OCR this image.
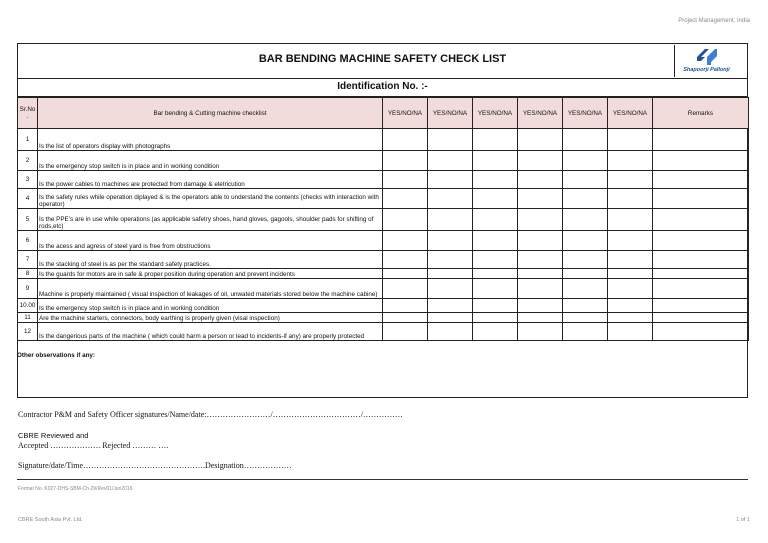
Project Management, India
BAR BENDING MACHINE SAFETY CHECK LIST
Shapoorji Pallonji
Identification No. :-
Sr.No .	Bar bending & Cutting machine checklist	YES/NO/NA	YES/NO/NA	YES/NO/NA	YES/NO/NA	YES/NO/NA	YES/NO/NA	Remarks
1	Is the list of operators display with photographs							
2	Is the emergency stop switch is in place and in working condition							
3	Is the power cables to machines are protected from damage & eletricution							
4	Is the safety rules while operation diplayed & is the operators able to understand the contents (checks with interaction with operator)							
5	Is the PPE's are in use while operations (as applicable safetry shoes, hand gloves, gagools, shoulder pads for shifting of rods,etc)							
6	Is the acess and agress of steel yard is free from obstructions							
7	Is the stacking of steel is as per the standard safety practices.							
8	Is the guards for motors are in safe & proper position during operation and prevent incidents							
9	Machine is properly maintained ( visual inspection of leakages of oil, unwated materials stored below the machine cabine)							
10.00	Is the emergency stop switch is in place and in working condition							
11	Are the machine starters, connectors, body earthing is properly given (visal inspection)							
12	Is the dangerious parts of the machine ( which could harm a person or lead to incidents-if any) are properly protected							
Other observations if any:
Contractor P&M and Safety Officer signatures/Name/date:……………………/……………………………/……………
CBRE Reviewed and
Accepted ………………. Rejected ……… ….
Signature/date/Time……………………………………….Designation………………
Format No. K027-DHS-SBM-Ch-29/Rev01/Jan2016
CBRE South Asia Pvt. Ltd.	1 of 1
